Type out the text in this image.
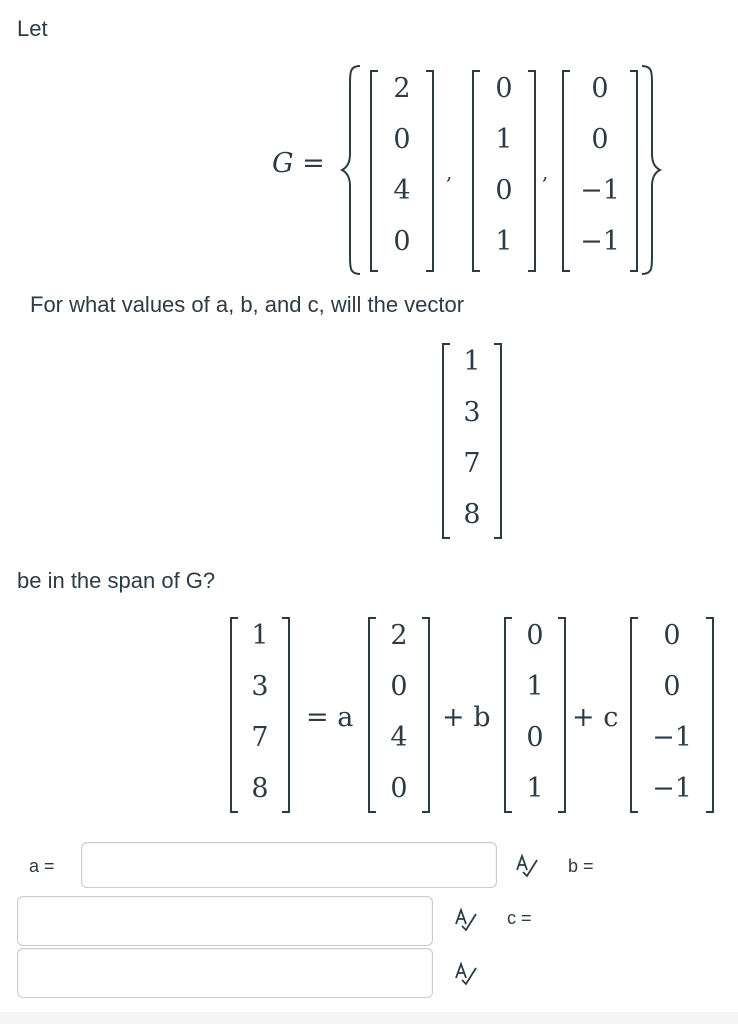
Let
G =
2
0
4
0
,
0
1
0
1
,
0
0
−1
−1
For what values of a, b, and c, will the vector
1
3
7
8
be in the span of G?
1
3
7
8
= a
2
0
4
0
+ b
0
1
0
1
+ c
0
0
−1
−1
a =	b =
c =
